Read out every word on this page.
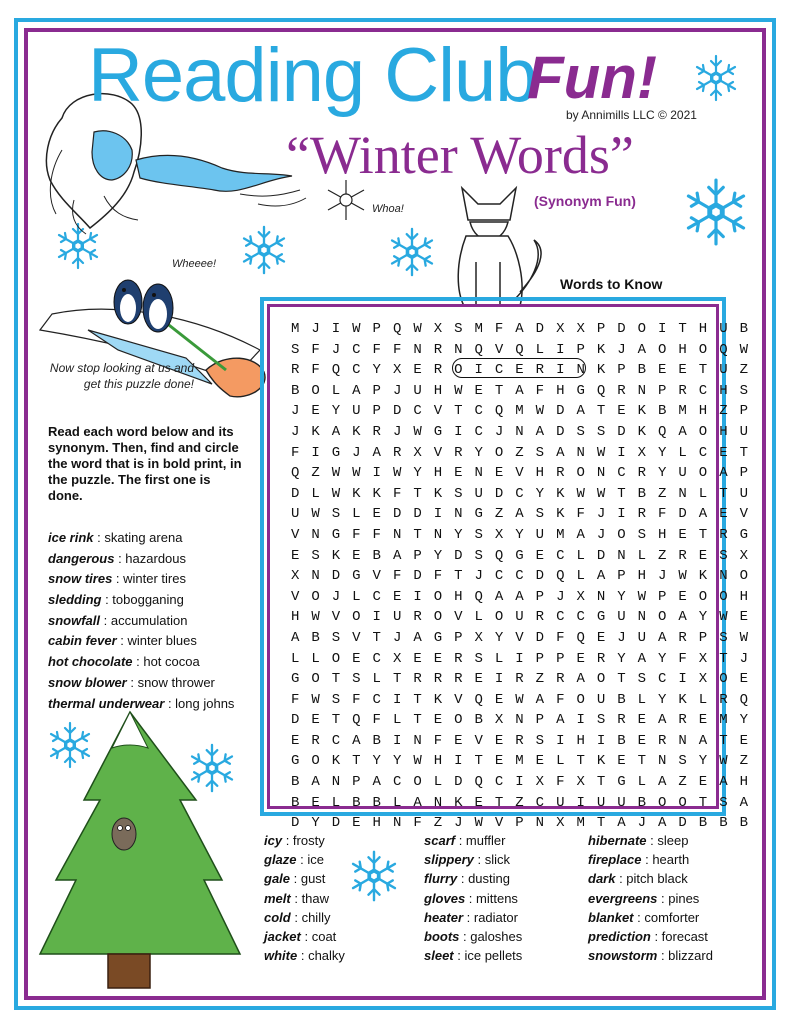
Reading Club
Fun!
by Annimills LLC © 2021
“Winter Words”
(Synonym Fun)
Whoa!
Wheeee!
Now stop looking at us and get this puzzle done!
Words to Know
Read each word below and its synonym. Then, find and circle the word that is in bold print, in the puzzle. The first one is done.
ice rink : skating arena
dangerous : hazardous
snow tires : winter tires
sledding : tobogganing
snowfall : accumulation
cabin fever : winter blues
hot chocolate : hot cocoa
snow blower : snow thrower
thermal underwear : long johns
M J I W P Q W X S M F A D X X P D O I T H U B
S F J C F F N R N Q V Q L I P K J A O H O Q W
R F Q C Y X E R O I C E R I N K P B E E T U Z
B O L A P J U H W E T A F H G Q R N P R C H S
J E Y U P D C V T C Q M W D A T E K B M H Z P
J K A K R J W G I C J N A D S S D K Q A O H U
F I G J A R X V R Y O Z S A N W I X Y L C E T
Q Z W W I W Y H E N E V H R O N C R Y U O A P
D L W K K F T K S U D C Y K W W T B Z N L T U
U W S L E D D I N G Z A S K F J I R F D A E V
V N G F F N T N Y S X Y U M A J O S H E T R G
E S K E B A P Y D S Q G E C L D N L Z R E S X
X N D G V F D F T J C C D Q L A P H J W K N O
V O J L C E I O H Q A A P J X N Y W P E O O H
H W V O I U R O V L O U R C C G U N O A Y W E
A B S V T J A G P X Y V D F Q E J U A R P S W
L L O E C X E E R S L I P P E R Y A Y F X T J
G O T S L T R R R E I R Z R A O T S C I X O E
F W S F C I T K V Q E W A F O U B L Y K L R Q
D E T Q F L T E O B X N P A I S R E A R E M Y
E R C A B I N F E V E R S I H I B E R N A T E
G O K T Y Y W H I T E M E L T K E T N S Y W Z
B A N P A C O L D Q C I X F X T G L A Z E A H
B E L B B L A N K E T Z C U I U U B O O T S A
D Y D E H N F Z J W V P N X M T A J A D B B B
icy : frosty
glaze : ice
gale : gust
melt : thaw
cold : chilly
jacket : coat
white : chalky
scarf : muffler
slippery : slick
flurry : dusting
gloves : mittens
heater : radiator
boots : galoshes
sleet : ice pellets
hibernate : sleep
fireplace : hearth
dark : pitch black
evergreens : pines
blanket : comforter
prediction : forecast
snowstorm : blizzard
